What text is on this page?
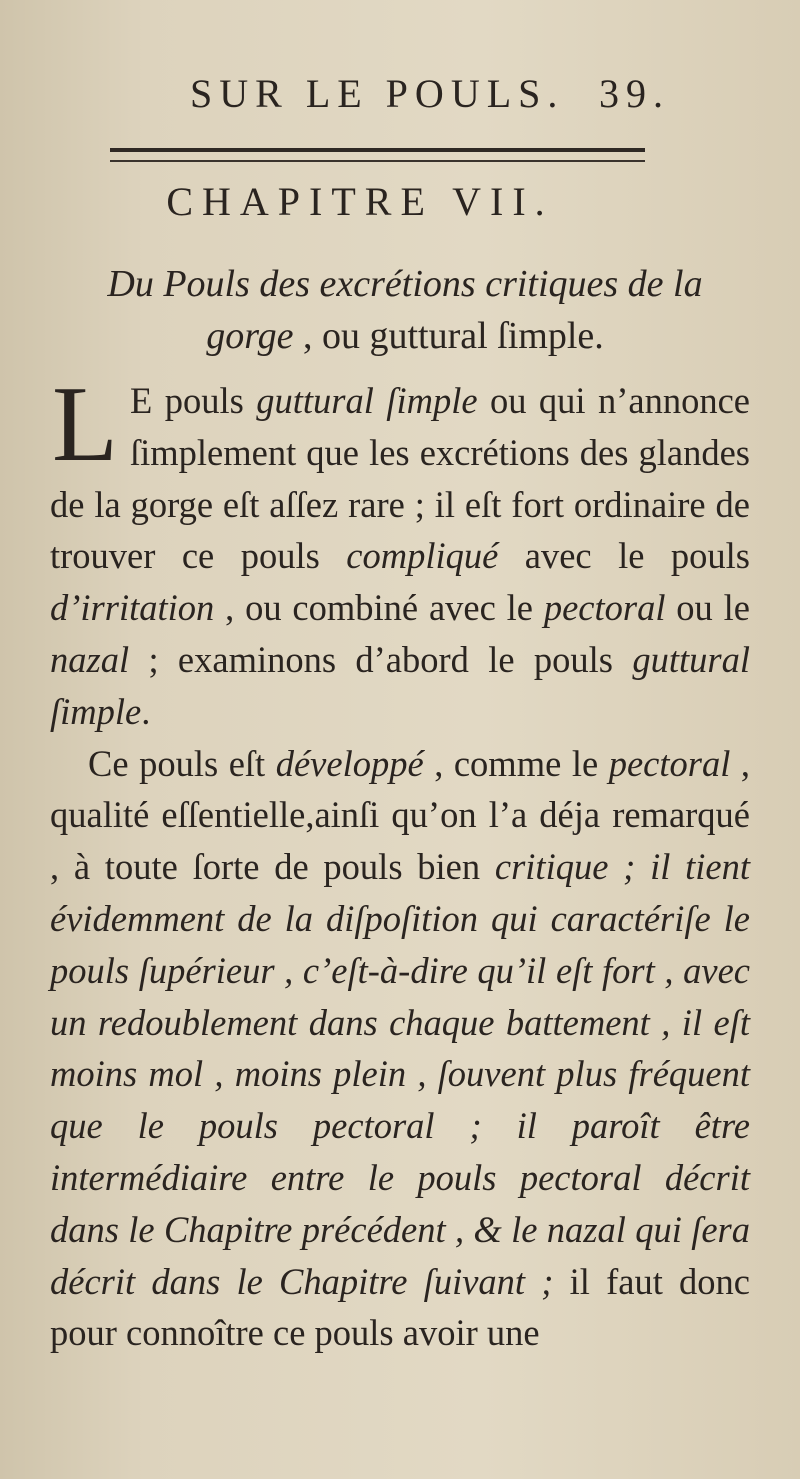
SUR LE POULS. 39.
CHAPITRE VII.
Du Pouls des excrétions critiques de la
gorge , ou guttural ſimple.

L E pouls guttural ſimple ou qui n’annonce ſimplement que les excrétions des glandes de la gorge eſt aſſez rare ; il eſt fort ordinaire de trouver ce pouls compliqué avec le pouls d’irritation , ou combiné avec le pectoral ou le nazal ; examinons d’abord le pouls guttural ſimple.

Ce pouls eſt développé , comme le pectoral , qualité eſſentielle,ainſi qu’on l’a déja remarqué , à toute ſorte de pouls bien critique ; il tient évidemment de la diſpoſition qui caractériſe le pouls ſupérieur , c’eſt-à-dire qu’il eſt fort , avec un redoublement dans chaque battement , il eſt moins mol , moins plein , ſouvent plus fréquent que le pouls pectoral ; il paroît être intermédiaire entre le pouls pectoral décrit dans le Chapitre précédent , & le nazal qui ſera décrit dans le Chapitre ſuivant ; il faut donc pour connoître ce pouls avoir une
